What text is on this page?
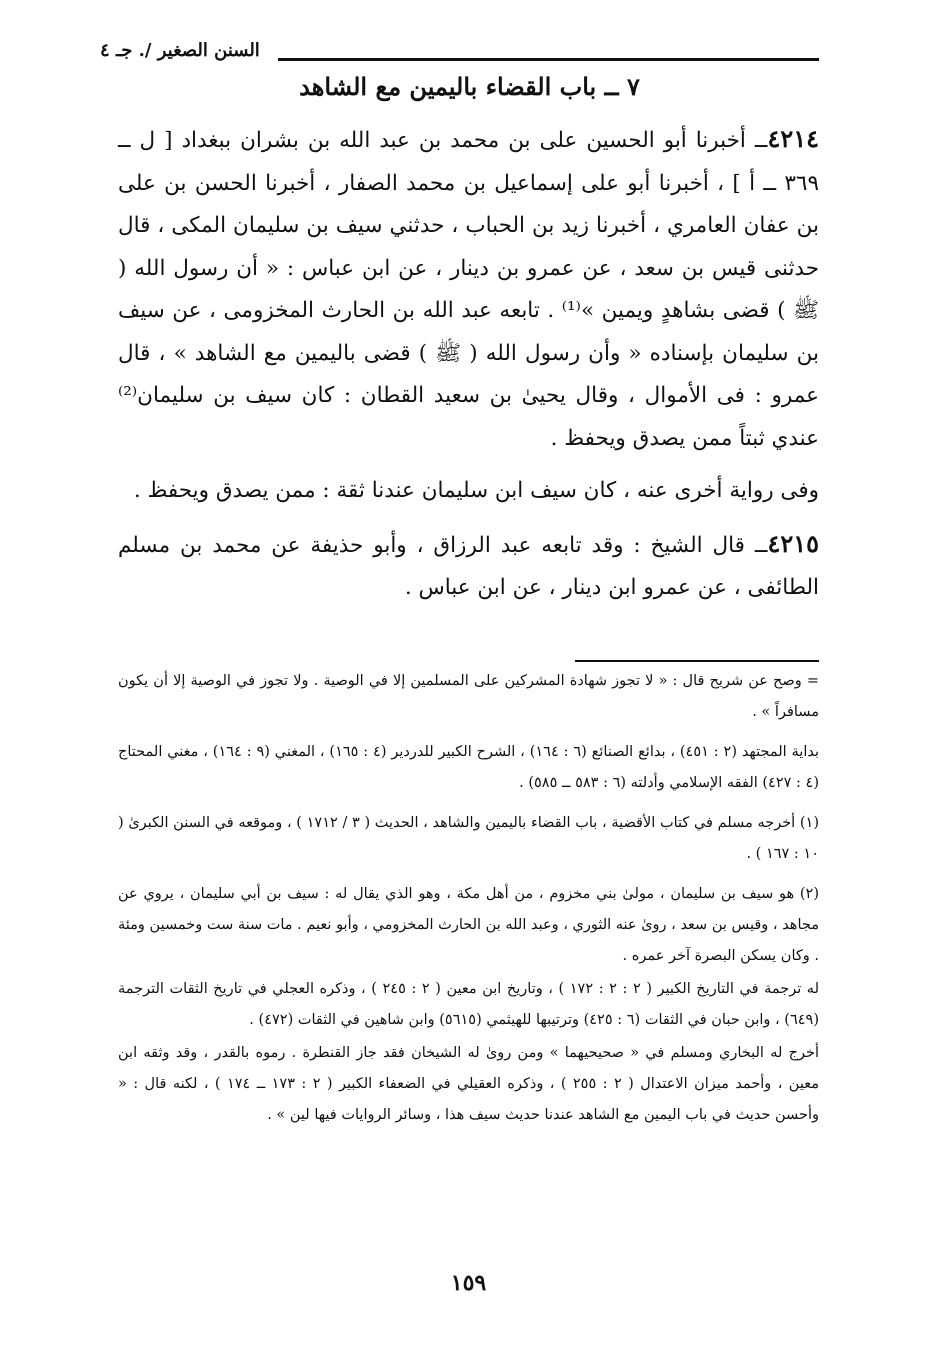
السنن الصغير /. جـ ٤
٧ ــ باب القضاء باليمين مع الشاهد

٤٢١٤ــ أخبرنا أبو الحسين على بن محمد بن عبد الله بن بشران ببغداد [ ل ــ ٣٦٩ ــ أ ] ، أخبرنا أبو على إسماعيل بن محمد الصفار ، أخبرنا الحسن بن على بن عفان العامري ، أخبرنا زيد بن الحباب ، حدثني سيف بن سليمان المكى ، قال حدثنى قيس بن سعد ، عن عمرو بن دينار ، عن ابن عباس : « أن رسول الله ( ﷺ ) قضى بشاهدٍ ويمين »⁽¹⁾ . تابعه عبد الله بن الحارث المخزومى ، عن سيف بن سليمان بإسناده « وأن رسول الله ( ﷺ ) قضى باليمين مع الشاهد » ، قال عمرو : فى الأموال ، وقال يحيىٰ بن سعيد القطان : كان سيف بن سليمان⁽²⁾ عندي ثبتاً ممن يصدق ويحفظ .

وفى رواية أخرى عنه ، كان سيف ابن سليمان عندنا ثقة : ممن يصدق ويحفظ .

٤٢١٥ــ قال الشيخ : وقد تابعه عبد الرزاق ، وأبو حذيفة عن محمد بن مسلم الطائفى ، عن عمرو ابن دينار ، عن ابن عباس .

= وصح عن شريح قال : « لا تجوز شهادة المشركين على المسلمين إلا في الوصية . ولا تجوز في الوصية إلا أن يكون مسافراً » .

بداية المجتهد (٢ : ٤٥١) ، بدائع الصنائع (٦ : ١٦٤) ، الشرح الكبير للدردير (٤ : ١٦٥) ، المغني (٩ : ١٦٤) ، مغني المحتاج (٤ : ٤٢٧) الفقه الإسلامي وأدلته (٦ : ٥٨٣ ــ ٥٨٥) .

(١) أخرجه مسلم في كتاب الأقضية ، باب القضاء باليمين والشاهد ، الحديث ( ٣ / ١٧١٢ ) ، وموقعه في السنن الكبرىٰ ( ١٠ : ١٦٧ ) .

(٢) هو سيف بن سليمان ، مولىٰ بني مخزوم ، من أهل مكة ، وهو الذي يقال له : سيف بن أبي سليمان ، يروي عن مجاهد ، وقيس بن سعد ، روىٰ عنه الثوري ، وعبد الله بن الحارث المخزومي ، وأبو نعيم . مات سنة ست وخمسين ومئة . وكان يسكن البصرة آخر عمره .

له ترجمة في التاريخ الكبير ( ٢ : ٢ : ١٧٢ ) ، وتاريخ ابن معين ( ٢ : ٢٤٥ ) ، وذكره العجلي في تاريخ الثقات الترجمة (٦٤٩) ، وابن حبان في الثقات (٦ : ٤٢٥) وترتيبها للهيثمي (٥٦١٥) وابن شاهين في الثقات (٤٧٢) .

أخرج له البخاري ومسلم في « صحيحيهما » ومن روىٰ له الشيخان فقد جاز القنطرة . رموه بالقدر ، وقد وثقه ابن معين ، وأحمد ميزان الاعتدال ( ٢ : ٢٥٥ ) ، وذكره العقيلي في الضعفاء الكبير ( ٢ : ١٧٣ ــ ١٧٤ ) ، لكنه قال : « وأحسن حديث في باب اليمين مع الشاهد عندنا حديث سيف هذا ، وسائر الروايات فيها لين » .

١٥٩
